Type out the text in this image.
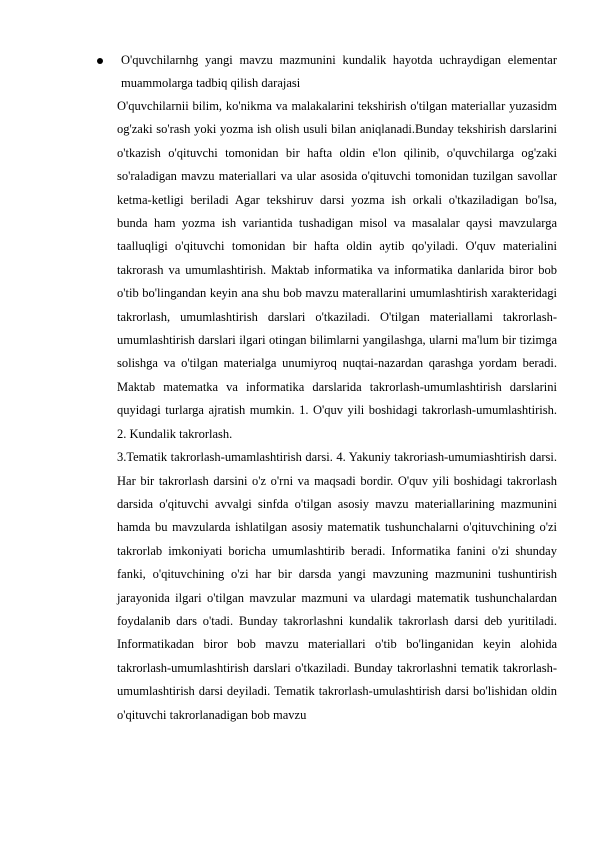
O'quvchilarnhg yangi mavzu mazmunini kundalik hayotda uchraydigan elementar muammolarga tadbiq qilish darajasi

O'quvchilarnii bilim, ko'nikma va malakalarini tekshirish o'tilgan materiallar yuzasidm og'zaki so'rash yoki yozma ish olish usuli bilan aniqlanadi.Bunday tekshirish darslarini o'tkazish o'qituvchi tomonidan bir hafta oldin e'lon qilinib, o'quvchilarga og'zaki so'raladigan mavzu materiallari va ular asosida o'qituvchi tomonidan tuzilgan savollar ketma-ketligi beriladi Agar tekshiruv darsi yozma ish orkali o'tkaziladigan bo'lsa, bunda ham yozma ish variantida tushadigan misol va masalalar qaysi mavzularga taalluqligi o'qituvchi tomonidan bir hafta oldin aytib qo'yiladi. O'quv materialini takrorash va umumlashtirish. Maktab informatika va informatika danlarida biror bob o'tib bo'lingandan keyin ana shu bob mavzu materallarini umumlashtirish xarakteridagi takrorlash, umumlashtirish darslari o'tkaziladi. O'tilgan materiallami takrorlash-umumlashtirish darslari ilgari otingan bilimlarni yangilashga, ularni ma'lum bir tizimga solishga va o'tilgan materialga unumiyroq nuqtai-nazardan qarashga yordam beradi. Maktab matematka va informatika darslarida takrorlash-umumlashtirish darslarini quyidagi turlarga ajratish mumkin. 1. O'quv yili boshidagi takrorlash-umumlashtirish. 2. Kundalik takrorlash.

3.Tematik takrorlash-umamlashtirish darsi. 4. Yakuniy takroriash-umumiashtirish darsi. Har bir takrorlash darsini o'z o'rni va maqsadi bordir. O'quv yili boshidagi takrorlash darsida o'qituvchi avvalgi sinfda o'tilgan asosiy mavzu materiallarining mazmunini hamda bu mavzularda ishlatilgan asosiy matematik tushunchalarni o'qituvchining o'zi takrorlab imkoniyati boricha umumlashtirib beradi. Informatika fanini o'zi shunday fanki, o'qituvchining o'zi har bir darsda yangi mavzuning mazmunini tushuntirish jarayonida ilgari o'tilgan mavzular mazmuni va ulardagi matematik tushunchalardan foydalanib dars o'tadi. Bunday takrorlashni kundalik takrorlash darsi deb yuritiladi. Informatikadan biror bob mavzu materiallari o'tib bo'linganidan keyin alohida takrorlash-umumlashtirish darslari o'tkaziladi. Bunday takrorlashni tematik takrorlash-umumlashtirish darsi deyiladi. Tematik takrorlash-umulashtirish darsi bo'lishidan oldin o'qituvchi takrorlanadigan bob mavzu
